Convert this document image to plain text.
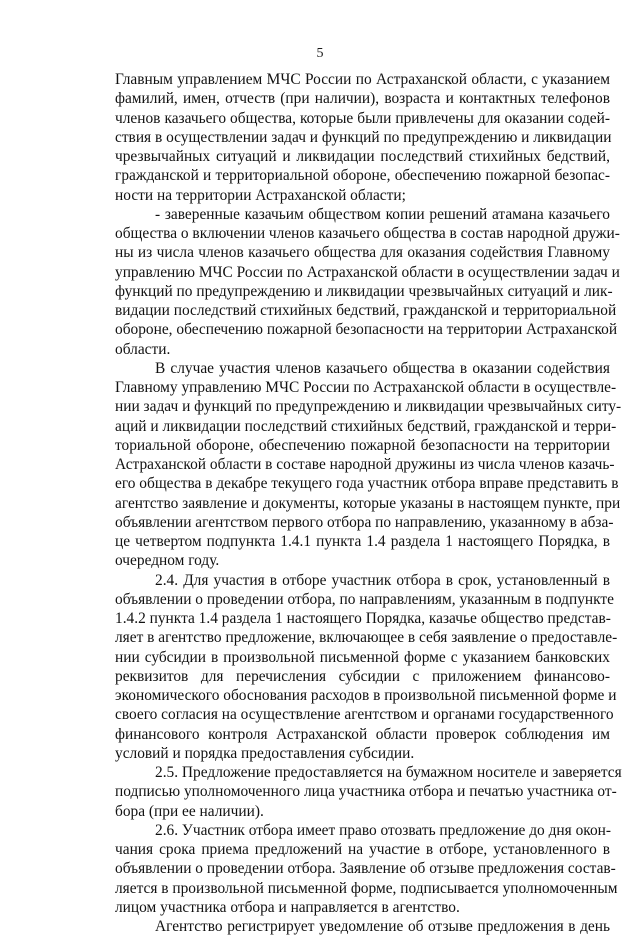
5
Главным управлением МЧС России по Астраханской области, с указанием
фамилий, имен, отчеств (при наличии), возраста и контактных телефонов
членов казачьего общества, которые были привлечены для оказании содей-
ствия в осуществлении задач и функций по предупреждению и ликвидации
чрезвычайных ситуаций и ликвидации последствий стихийных бедствий,
гражданской и территориальной обороне, обеспечению пожарной безопас-
ности на территории Астраханской области;
- заверенные казачьим обществом копии решений атамана казачьего
общества о включении членов казачьего общества в состав народной дружи-
ны из числа членов казачьего общества для оказания содействия Главному
управлению МЧС России по Астраханской области в осуществлении задач и
функций по предупреждению и ликвидации чрезвычайных ситуаций и лик-
видации последствий стихийных бедствий, гражданской и территориальной
обороне, обеспечению пожарной безопасности на территории Астраханской
области.
В случае участия членов казачьего общества в оказании содействия
Главному управлению МЧС России по Астраханской области в осуществле-
нии задач и функций по предупреждению и ликвидации чрезвычайных ситу-
аций и ликвидации последствий стихийных бедствий, гражданской и терри-
ториальной обороне, обеспечению пожарной безопасности на территории
Астраханской области в составе народной дружины из числа членов казачь-
его общества в декабре текущего года участник отбора вправе представить в
агентство заявление и документы, которые указаны в настоящем пункте, при
объявлении агентством первого отбора по направлению, указанному в абза-
це четвертом подпункта 1.4.1 пункта 1.4 раздела 1 настоящего Порядка, в
очередном году.
2.4. Для участия в отборе участник отбора в срок, установленный в
объявлении о проведении отбора, по направлениям, указанным в подпункте
1.4.2 пункта 1.4 раздела 1 настоящего Порядка, казачье общество представ-
ляет в агентство предложение, включающее в себя заявление о предоставле-
нии субсидии в произвольной письменной форме с указанием банковских
реквизитов для перечисления субсидии с приложением финансово-
экономического обоснования расходов в произвольной письменной форме и
своего согласия на осуществление агентством и органами государственного
финансового контроля Астраханской области проверок соблюдения им
условий и порядка предоставления субсидии.
2.5. Предложение предоставляется на бумажном носителе и заверяется
подписью уполномоченного лица участника отбора и печатью участника от-
бора (при ее наличии).
2.6. Участник отбора имеет право отозвать предложение до дня окон-
чания срока приема предложений на участие в отборе, установленного в
объявлении о проведении отбора. Заявление об отзыве предложения состав-
ляется в произвольной письменной форме, подписывается уполномоченным
лицом участника отбора и направляется в агентство.
Агентство регистрирует уведомление об отзыве предложения в день
